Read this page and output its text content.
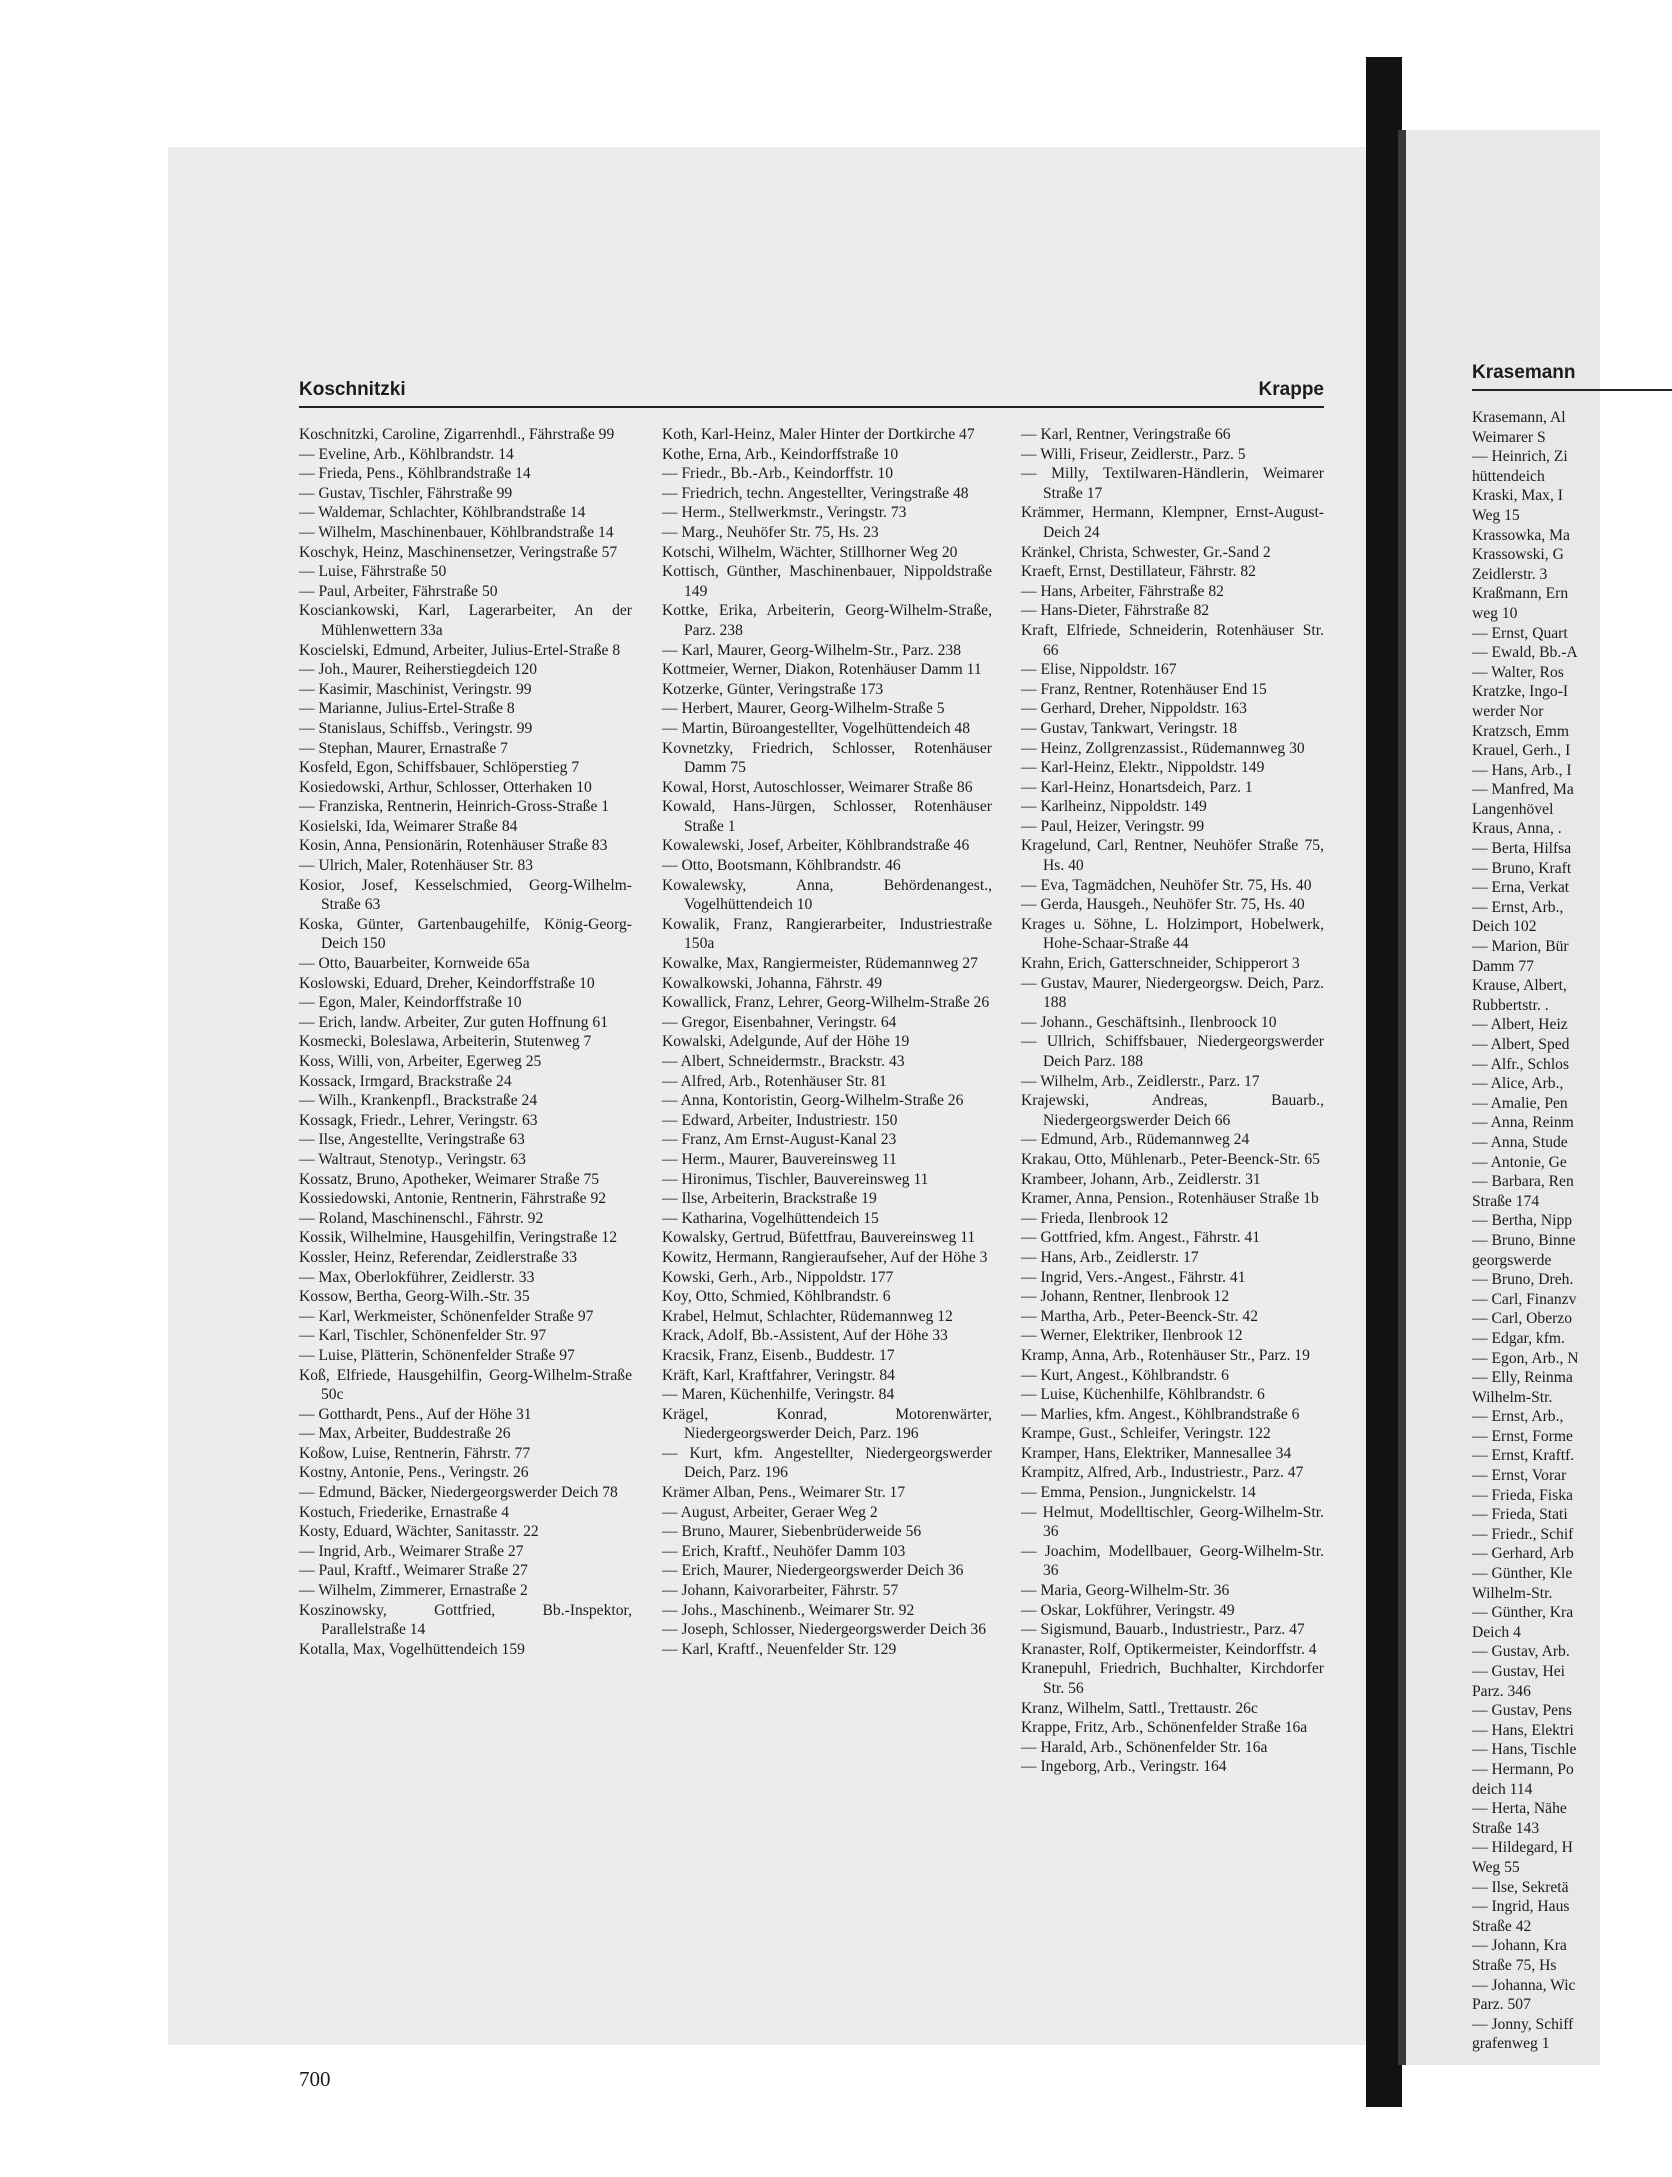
Koschnitzki	Krappe

Koschnitzki, Caroline, Zigarrenhdl., Fährstraße 99

— Eveline, Arb., Köhlbrandstr. 14

— Frieda, Pens., Köhlbrandstraße 14

— Gustav, Tischler, Fährstraße 99

— Waldemar, Schlachter, Köhlbrandstraße 14

— Wilhelm, Maschinenbauer, Köhlbrandstraße 14

Koschyk, Heinz, Maschinensetzer, Veringstraße 57

— Luise, Fährstraße 50

— Paul, Arbeiter, Fährstraße 50

Kosciankowski, Karl, Lagerarbeiter, An der Mühlenwettern 33a

Koscielski, Edmund, Arbeiter, Julius-Ertel-Straße 8

— Joh., Maurer, Reiherstiegdeich 120

— Kasimir, Maschinist, Veringstr. 99

— Marianne, Julius-Ertel-Straße 8

— Stanislaus, Schiffsb., Veringstr. 99

— Stephan, Maurer, Ernastraße 7

Kosfeld, Egon, Schiffsbauer, Schlöperstieg 7

Kosiedowski, Arthur, Schlosser, Otterhaken 10

— Franziska, Rentnerin, Heinrich-Gross-Straße 1

Kosielski, Ida, Weimarer Straße 84

Kosin, Anna, Pensionärin, Rotenhäuser Straße 83

— Ulrich, Maler, Rotenhäuser Str. 83

Kosior, Josef, Kesselschmied, Georg-Wilhelm-Straße 63

Koska, Günter, Gartenbaugehilfe, König-Georg-Deich 150

— Otto, Bauarbeiter, Kornweide 65a

Koslowski, Eduard, Dreher, Keindorffstraße 10

— Egon, Maler, Keindorffstraße 10

— Erich, landw. Arbeiter, Zur guten Hoffnung 61

Kosmecki, Boleslawa, Arbeiterin, Stutenweg 7

Koss, Willi, von, Arbeiter, Egerweg 25

Kossack, Irmgard, Brackstraße 24

— Wilh., Krankenpfl., Brackstraße 24

Kossagk, Friedr., Lehrer, Veringstr. 63

— Ilse, Angestellte, Veringstraße 63

— Waltraut, Stenotyp., Veringstr. 63

Kossatz, Bruno, Apotheker, Weimarer Straße 75

Kossiedowski, Antonie, Rentnerin, Fährstraße 92

— Roland, Maschinenschl., Fährstr. 92

Kossik, Wilhelmine, Hausgehilfin, Veringstraße 12

Kossler, Heinz, Referendar, Zeidlerstraße 33

— Max, Oberlokführer, Zeidlerstr. 33

Kossow, Bertha, Georg-Wilh.-Str. 35

— Karl, Werkmeister, Schönenfelder Straße 97

— Karl, Tischler, Schönenfelder Str. 97

— Luise, Plätterin, Schönenfelder Straße 97

Koß, Elfriede, Hausgehilfin, Georg-Wilhelm-Straße 50c

— Gotthardt, Pens., Auf der Höhe 31

— Max, Arbeiter, Buddestraße 26

Koßow, Luise, Rentnerin, Fährstr. 77

Kostny, Antonie, Pens., Veringstr. 26

— Edmund, Bäcker, Niedergeorgswerder Deich 78

Kostuch, Friederike, Ernastraße 4

Kosty, Eduard, Wächter, Sanitasstr. 22

— Ingrid, Arb., Weimarer Straße 27

— Paul, Kraftf., Weimarer Straße 27

— Wilhelm, Zimmerer, Ernastraße 2

Koszinowsky, Gottfried, Bb.-Inspektor, Parallelstraße 14

Kotalla, Max, Vogelhüttendeich 159

Koth, Karl-Heinz, Maler Hinter der Dortkirche 47

Kothe, Erna, Arb., Keindorffstraße 10

— Friedr., Bb.-Arb., Keindorffstr. 10

— Friedrich, techn. Angestellter, Veringstraße 48

— Herm., Stellwerkmstr., Veringstr. 73

— Marg., Neuhöfer Str. 75, Hs. 23

Kotschi, Wilhelm, Wächter, Stillhorner Weg 20

Kottisch, Günther, Maschinenbauer, Nippoldstraße 149

Kottke, Erika, Arbeiterin, Georg-Wilhelm-Straße, Parz. 238

— Karl, Maurer, Georg-Wilhelm-Str., Parz. 238

Kottmeier, Werner, Diakon, Rotenhäuser Damm 11

Kotzerke, Günter, Veringstraße 173

— Herbert, Maurer, Georg-Wilhelm-Straße 5

— Martin, Büroangestellter, Vogelhüttendeich 48

Kovnetzky, Friedrich, Schlosser, Rotenhäuser Damm 75

Kowal, Horst, Autoschlosser, Weimarer Straße 86

Kowald, Hans-Jürgen, Schlosser, Rotenhäuser Straße 1

Kowalewski, Josef, Arbeiter, Köhlbrandstraße 46

— Otto, Bootsmann, Köhlbrandstr. 46

Kowalewsky, Anna, Behördenangest., Vogelhüttendeich 10

Kowalik, Franz, Rangierarbeiter, Industriestraße 150a

Kowalke, Max, Rangiermeister, Rüdemannweg 27

Kowalkowski, Johanna, Fährstr. 49

Kowallick, Franz, Lehrer, Georg-Wilhelm-Straße 26

— Gregor, Eisenbahner, Veringstr. 64

Kowalski, Adelgunde, Auf der Höhe 19

— Albert, Schneidermstr., Brackstr. 43

— Alfred, Arb., Rotenhäuser Str. 81

— Anna, Kontoristin, Georg-Wilhelm-Straße 26

— Edward, Arbeiter, Industriestr. 150

— Franz, Am Ernst-August-Kanal 23

— Herm., Maurer, Bauvereinsweg 11

— Hironimus, Tischler, Bauvereinsweg 11

— Ilse, Arbeiterin, Brackstraße 19

— Katharina, Vogelhüttendeich 15

Kowalsky, Gertrud, Büfettfrau, Bauvereinsweg 11

Kowitz, Hermann, Rangieraufseher, Auf der Höhe 3

Kowski, Gerh., Arb., Nippoldstr. 177

Koy, Otto, Schmied, Köhlbrandstr. 6

Krabel, Helmut, Schlachter, Rüdemannweg 12

Krack, Adolf, Bb.-Assistent, Auf der Höhe 33

Kracsik, Franz, Eisenb., Buddestr. 17

Kräft, Karl, Kraftfahrer, Veringstr. 84

— Maren, Küchenhilfe, Veringstr. 84

Krägel, Konrad, Motorenwärter, Niedergeorgswerder Deich, Parz. 196

— Kurt, kfm. Angestellter, Niedergeorgswerder Deich, Parz. 196

Krämer Alban, Pens., Weimarer Str. 17

— August, Arbeiter, Geraer Weg 2

— Bruno, Maurer, Siebenbrüderweide 56

— Erich, Kraftf., Neuhöfer Damm 103

— Erich, Maurer, Niedergeorgswerder Deich 36

— Johann, Kaivorarbeiter, Fährstr. 57

— Johs., Maschinenb., Weimarer Str. 92

— Joseph, Schlosser, Niedergeorgswerder Deich 36

— Karl, Kraftf., Neuenfelder Str. 129

— Karl, Rentner, Veringstraße 66

— Willi, Friseur, Zeidlerstr., Parz. 5

— Milly, Textilwaren-Händlerin, Weimarer Straße 17

Krämmer, Hermann, Klempner, Ernst-August-Deich 24

Kränkel, Christa, Schwester, Gr.-Sand 2

Kraeft, Ernst, Destillateur, Fährstr. 82

— Hans, Arbeiter, Fährstraße 82

— Hans-Dieter, Fährstraße 82

Kraft, Elfriede, Schneiderin, Rotenhäuser Str. 66

— Elise, Nippoldstr. 167

— Franz, Rentner, Rotenhäuser End 15

— Gerhard, Dreher, Nippoldstr. 163

— Gustav, Tankwart, Veringstr. 18

— Heinz, Zollgrenzassist., Rüdemannweg 30

— Karl-Heinz, Elektr., Nippoldstr. 149

— Karl-Heinz, Honartsdeich, Parz. 1

— Karlheinz, Nippoldstr. 149

— Paul, Heizer, Veringstr. 99

Kragelund, Carl, Rentner, Neuhöfer Straße 75, Hs. 40

— Eva, Tagmädchen, Neuhöfer Str. 75, Hs. 40

— Gerda, Hausgeh., Neuhöfer Str. 75, Hs. 40

Krages u. Söhne, L. Holzimport, Hobelwerk, Hohe-Schaar-Straße 44

Krahn, Erich, Gatterschneider, Schipperort 3

— Gustav, Maurer, Niedergeorgsw. Deich, Parz. 188

— Johann., Geschäftsinh., Ilenbroock 10

— Ullrich, Schiffsbauer, Niedergeorgswerder Deich Parz. 188

— Wilhelm, Arb., Zeidlerstr., Parz. 17

Krajewski, Andreas, Bauarb., Niedergeorgswerder Deich 66

— Edmund, Arb., Rüdemannweg 24

Krakau, Otto, Mühlenarb., Peter-Beenck-Str. 65

Krambeer, Johann, Arb., Zeidlerstr. 31

Kramer, Anna, Pension., Rotenhäuser Straße 1b

— Frieda, Ilenbrook 12

— Gottfried, kfm. Angest., Fährstr. 41

— Hans, Arb., Zeidlerstr. 17

— Ingrid, Vers.-Angest., Fährstr. 41

— Johann, Rentner, Ilenbrook 12

— Martha, Arb., Peter-Beenck-Str. 42

— Werner, Elektriker, Ilenbrook 12

Kramp, Anna, Arb., Rotenhäuser Str., Parz. 19

— Kurt, Angest., Köhlbrandstr. 6

— Luise, Küchenhilfe, Köhlbrandstr. 6

— Marlies, kfm. Angest., Köhlbrandstraße 6

Krampe, Gust., Schleifer, Veringstr. 122

Kramper, Hans, Elektriker, Mannesallee 34

Krampitz, Alfred, Arb., Industriestr., Parz. 47

— Emma, Pension., Jungnickelstr. 14

— Helmut, Modelltischler, Georg-Wilhelm-Str. 36

— Joachim, Modellbauer, Georg-Wilhelm-Str. 36

— Maria, Georg-Wilhelm-Str. 36

— Oskar, Lokführer, Veringstr. 49

— Sigismund, Bauarb., Industriestr., Parz. 47

Kranaster, Rolf, Optikermeister, Keindorffstr. 4

Kranepuhl, Friedrich, Buchhalter, Kirchdorfer Str. 56

Kranz, Wilhelm, Sattl., Trettaustr. 26c

Krappe, Fritz, Arb., Schönenfelder Straße 16a

— Harald, Arb., Schönenfelder Str. 16a

— Ingeborg, Arb., Veringstr. 164

700
Krasemann

Krasemann, Al

Weimarer S

— Heinrich, Zi

hüttendeich

Kraski, Max, I

Weg 15

Krassowka, Ma

Krassowski, G

Zeidlerstr. 3

Kraßmann, Ern

weg 10

— Ernst, Quart

— Ewald, Bb.-A

— Walter, Ros

Kratzke, Ingo-I

werder Nor

Kratzsch, Emm

Krauel, Gerh., I

— Hans, Arb., I

— Manfred, Ma

Langenhövel

Kraus, Anna, .

— Berta, Hilfsa

— Bruno, Kraft

— Erna, Verkat

— Ernst, Arb.,

Deich 102

— Marion, Bür

Damm 77

Krause, Albert,

Rubbertstr. .

— Albert, Heiz

— Albert, Sped

— Alfr., Schlos

— Alice, Arb.,

— Amalie, Pen

— Anna, Reinm

— Anna, Stude

— Antonie, Ge

— Barbara, Ren

Straße 174

— Bertha, Nipp

— Bruno, Binne

georgswerde

— Bruno, Dreh.

— Carl, Finanzv

— Carl, Oberzo

— Edgar, kfm.

— Egon, Arb., N

— Elly, Reinma

Wilhelm-Str.

— Ernst, Arb.,

— Ernst, Forme

— Ernst, Kraftf.

— Ernst, Vorar

— Frieda, Fiska

— Frieda, Stati

— Friedr., Schif

— Gerhard, Arb

— Günther, Kle

Wilhelm-Str.

— Günther, Kra

Deich 4

— Gustav, Arb.

— Gustav, Hei

Parz. 346

— Gustav, Pens

— Hans, Elektri

— Hans, Tischle

— Hermann, Po

deich 114

— Herta, Nähe

Straße 143

— Hildegard, H

Weg 55

— Ilse, Sekretä

— Ingrid, Haus

Straße 42

— Johann, Kra

Straße 75, Hs

— Johanna, Wic

Parz. 507

— Jonny, Schiff

grafenweg 1
